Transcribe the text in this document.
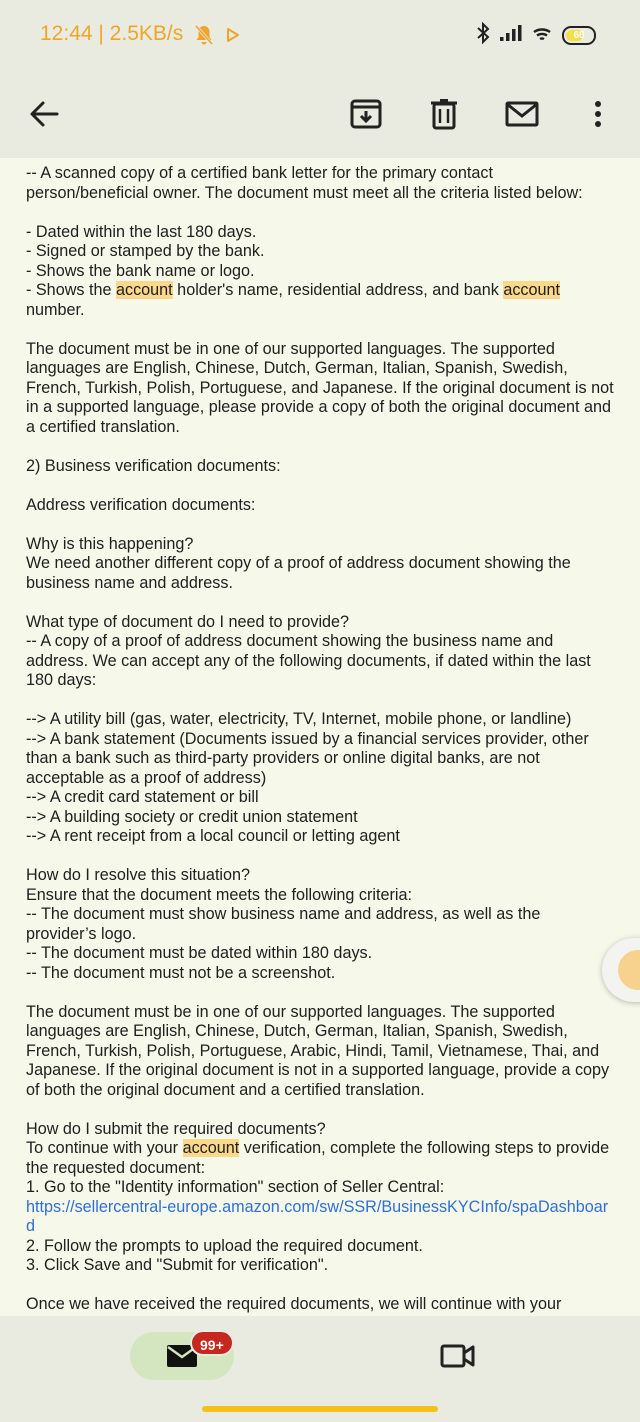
12:44 | 2.5KB/s	66

-- A scanned copy of a certified bank letter for the primary contact person/beneficial owner. The document must meet all the criteria listed below:

- Dated within the last 180 days.

- Signed or stamped by the bank.

- Shows the bank name or logo.

- Shows the account holder's name, residential address, and bank account number.

The document must be in one of our supported languages. The supported languages are English, Chinese, Dutch, German, Italian, Spanish, Swedish, French, Turkish, Polish, Portuguese, and Japanese. If the original document is not in a supported language, please provide a copy of both the original document and a certified translation.

2) Business verification documents:

Address verification documents:

Why is this happening?

We need another different copy of a proof of address document showing the business name and address.

What type of document do I need to provide?

-- A copy of a proof of address document showing the business name and address. We can accept any of the following documents, if dated within the last 180 days:

--> A utility bill (gas, water, electricity, TV, Internet, mobile phone, or landline)

--> A bank statement (Documents issued by a financial services provider, other than a bank such as third-party providers or online digital banks, are not acceptable as a proof of address)

--> A credit card statement or bill

--> A building society or credit union statement

--> A rent receipt from a local council or letting agent

How do I resolve this situation?

Ensure that the document meets the following criteria:

-- The document must show business name and address, as well as the provider’s logo.

-- The document must be dated within 180 days.

-- The document must not be a screenshot.

The document must be in one of our supported languages. The supported languages are English, Chinese, Dutch, German, Italian, Spanish, Swedish, French, Turkish, Polish, Portuguese, Arabic, Hindi, Tamil, Vietnamese, Thai, and Japanese. If the original document is not in a supported language, provide a copy of both the original document and a certified translation.

How do I submit the required documents?

To continue with your account verification, complete the following steps to provide the requested document:

1. Go to the "Identity information" section of Seller Central:

https://sellercentral-europe.amazon.com/sw/SSR/BusinessKYCInfo/spaDashboard

2. Follow the prompts to upload the required document.

3. Click Save and "Submit for verification".

Once we have received the required documents, we will continue with your

99+
